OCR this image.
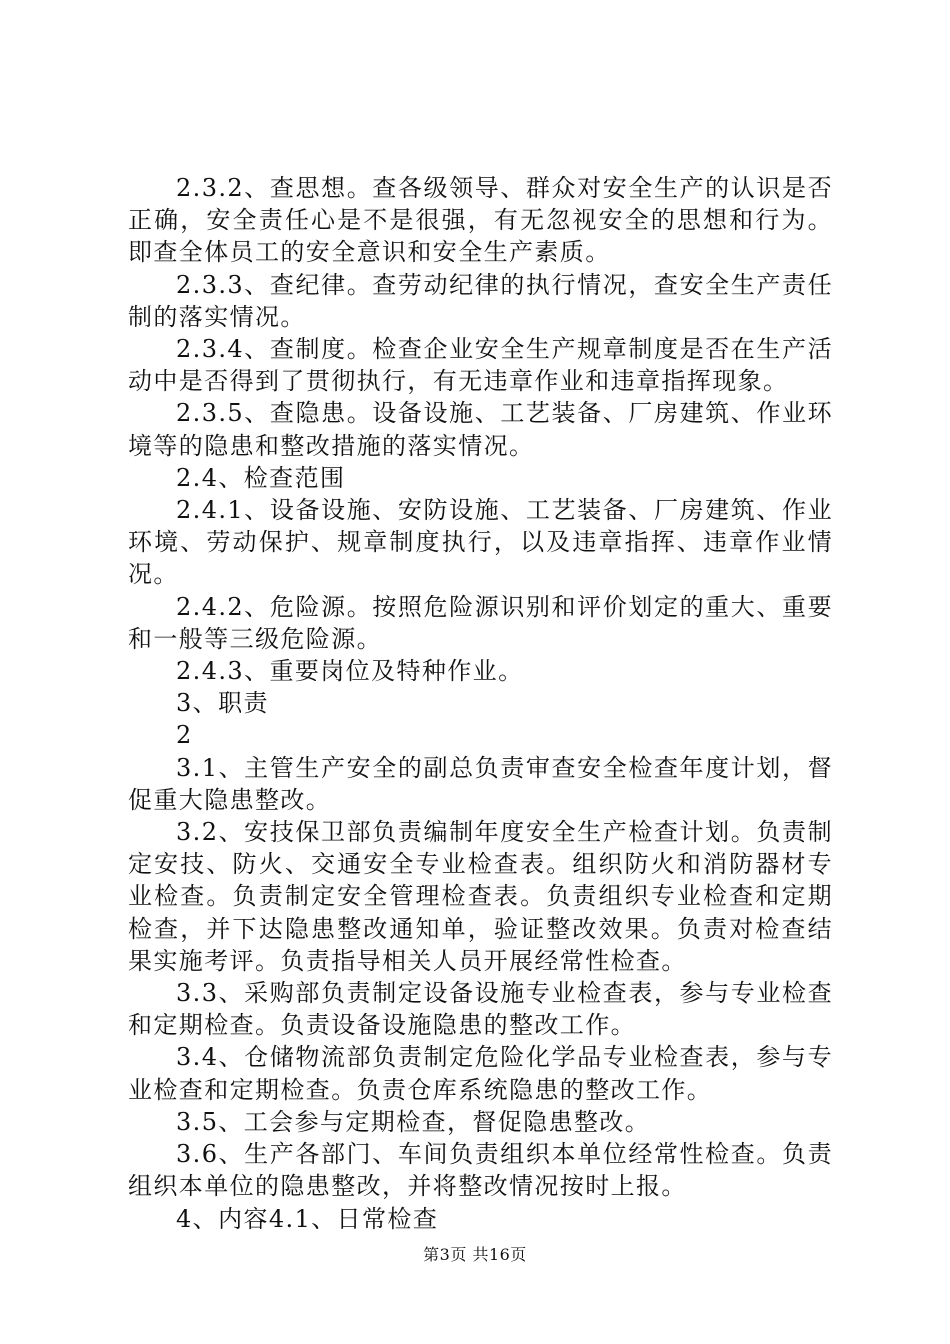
2.3.2、查思想。查各级领导、群众对安全生产的认识是否正确，安全责任心是不是很强，有无忽视安全的思想和行为。即查全体员工的安全意识和安全生产素质。

2.3.3、查纪律。查劳动纪律的执行情况，查安全生产责任制的落实情况。

2.3.4、查制度。检查企业安全生产规章制度是否在生产活动中是否得到了贯彻执行，有无违章作业和违章指挥现象。

2.3.5、查隐患。设备设施、工艺装备、厂房建筑、作业环境等的隐患和整改措施的落实情况。

2.4、检查范围

2.4.1、设备设施、安防设施、工艺装备、厂房建筑、作业环境、劳动保护、规章制度执行，以及违章指挥、违章作业情况。

2.4.2、危险源。按照危险源识别和评价划定的重大、重要和一般等三级危险源。

2.4.3、重要岗位及特种作业。

3、职责

2

3.1、主管生产安全的副总负责审查安全检查年度计划，督促重大隐患整改。

3.2、安技保卫部负责编制年度安全生产检查计划。负责制定安技、防火、交通安全专业检查表。组织防火和消防器材专业检查。负责制定安全管理检查表。负责组织专业检查和定期检查，并下达隐患整改通知单，验证整改效果。负责对检查结果实施考评。负责指导相关人员开展经常性检查。

3.3、采购部负责制定设备设施专业检查表，参与专业检查和定期检查。负责设备设施隐患的整改工作。

3.4、仓储物流部负责制定危险化学品专业检查表，参与专业检查和定期检查。负责仓库系统隐患的整改工作。

3.5、工会参与定期检查，督促隐患整改。

3.6、生产各部门、车间负责组织本单位经常性检查。负责组织本单位的隐患整改，并将整改情况按时上报。

4、内容4.1、日常检查

第3页 共16页
